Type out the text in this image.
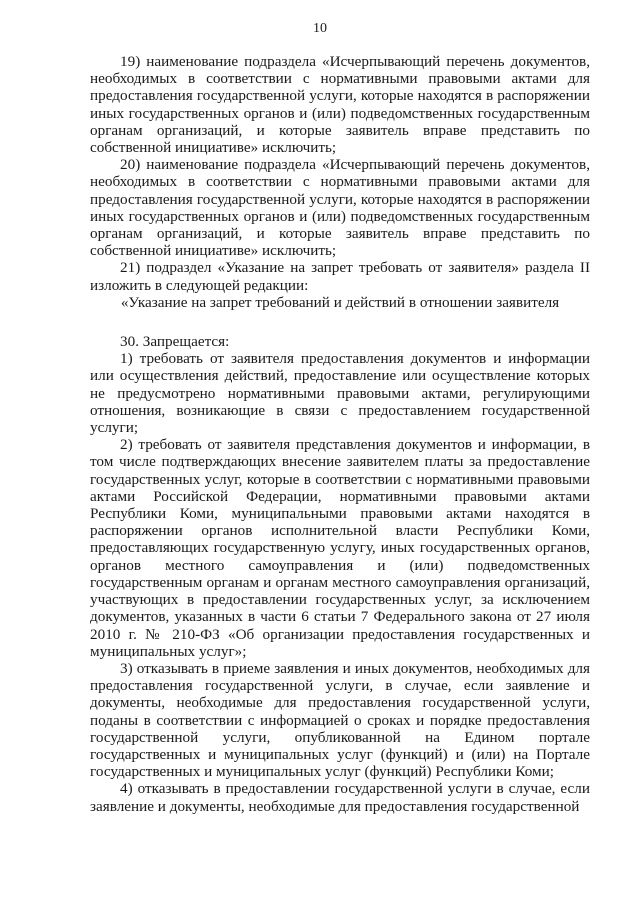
10

19) наименование подраздела «Исчерпывающий перечень документов, необходимых в соответствии с нормативными правовыми актами для предоставления государственной услуги, которые находятся в распоряжении иных государственных органов и (или) подведомственных государственным органам организаций, и которые заявитель вправе представить по собственной инициативе» исключить;

20) наименование подраздела «Исчерпывающий перечень документов, необходимых в соответствии с нормативными правовыми актами для предоставления государственной услуги, которые находятся в распоряжении иных государственных органов и (или) подведомственных государственным органам организаций, и которые заявитель вправе представить по собственной инициативе» исключить;

21) подраздел «Указание на запрет требовать от заявителя» раздела II изложить в следующей редакции:

«Указание на запрет требований и действий в отношении заявителя

30. Запрещается:

1) требовать от заявителя предоставления документов и информации или осуществления действий, предоставление или осуществление которых не предусмотрено нормативными правовыми актами, регулирующими отношения, возникающие в связи с предоставлением государственной услуги;

2) требовать от заявителя представления документов и информации, в том числе подтверждающих внесение заявителем платы за предоставление государственных услуг, которые в соответствии с нормативными правовыми актами Российской Федерации, нормативными правовыми актами Республики Коми, муниципальными правовыми актами находятся в распоряжении органов исполнительной власти Республики Коми, предоставляющих государственную услугу, иных государственных органов, органов местного самоуправления и (или) подведомственных государственным органам и органам местного самоуправления организаций, участвующих в предоставлении государственных услуг, за исключением документов, указанных в части 6 статьи 7 Федерального закона от 27 июля 2010 г. № 210-ФЗ «Об организации предоставления государственных и муниципальных услуг»;

3) отказывать в приеме заявления и иных документов, необходимых для предоставления государственной услуги, в случае, если заявление и документы, необходимые для предоставления государственной услуги, поданы в соответствии с информацией о сроках и порядке предоставления государственной услуги, опубликованной на Едином портале государственных и муниципальных услуг (функций) и (или) на Портале государственных и муниципальных услуг (функций) Республики Коми;

4) отказывать в предоставлении государственной услуги в случае, если заявление и документы, необходимые для предоставления государственной
